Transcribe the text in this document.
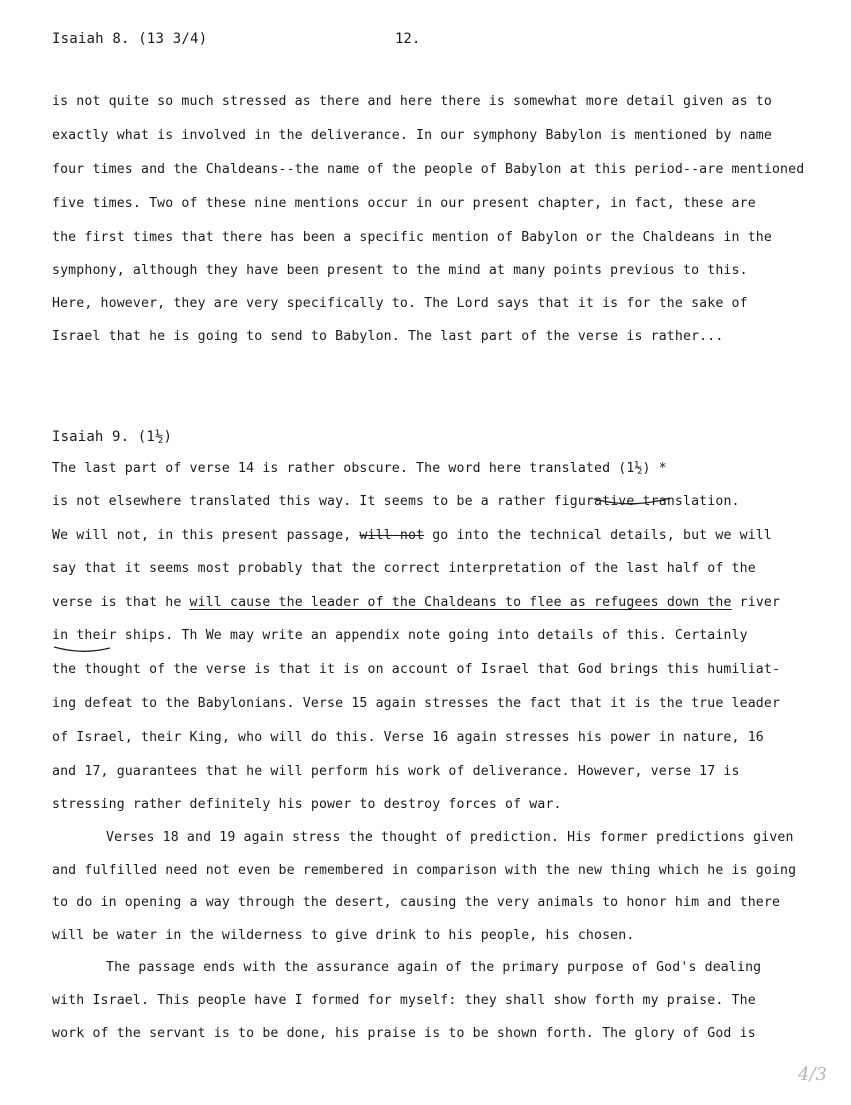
Isaiah 8. (13 3/4)	12.
is not quite so much stressed as there and here there is somewhat more detail given as to
exactly what is involved in the deliverance. In our symphony Babylon is mentioned by name
four times and the Chaldeans--the name of the people of Babylon at this period--are mentioned
five times. Two of these nine mentions occur in our present chapter, in fact, these are
the first times that there has been a specific mention of Babylon or the Chaldeans in the
symphony, although they have been present to the mind at many points previous to this.
Here, however, they are very specifically to. The Lord says that it is for the sake of
Israel that he is going to send to Babylon. The last part of the verse is rather...
Isaiah 9. (1½)
The last part of verse 14 is rather obscure. The word here translated (1½) *
is not elsewhere translated this way. It seems to be a rather figurative translation.
We will not, in this present passage, will-not go into the technical details, but we will
say that it seems most probably that the correct interpretation of the last half of the
verse is that he will cause the leader of the Chaldeans to flee as refugees down the river
in their ships. Th We may write an appendix note going into details of this. Certainly
the thought of the verse is that it is on account of Israel that God brings this humiliat-
ing defeat to the Babylonians. Verse 15 again stresses the fact that it is the true leader
of Israel, their King, who will do this. Verse 16 again stresses his power in nature, 16
and 17, guarantees that he will perform his work of deliverance. However, verse 17 is
stressing rather definitely his power to destroy forces of war.
Verses 18 and 19 again stress the thought of prediction. His former predictions given
and fulfilled need not even be remembered in comparison with the new thing which he is going
to do in opening a way through the desert, causing the very animals to honor him and there
will be water in the wilderness to give drink to his people, his chosen.
The passage ends with the assurance again of the primary purpose of God's dealing
with Israel. This people have I formed for myself: they shall show forth my praise. The
work of the servant is to be done, his praise is to be shown forth. The glory of God is
4/3
